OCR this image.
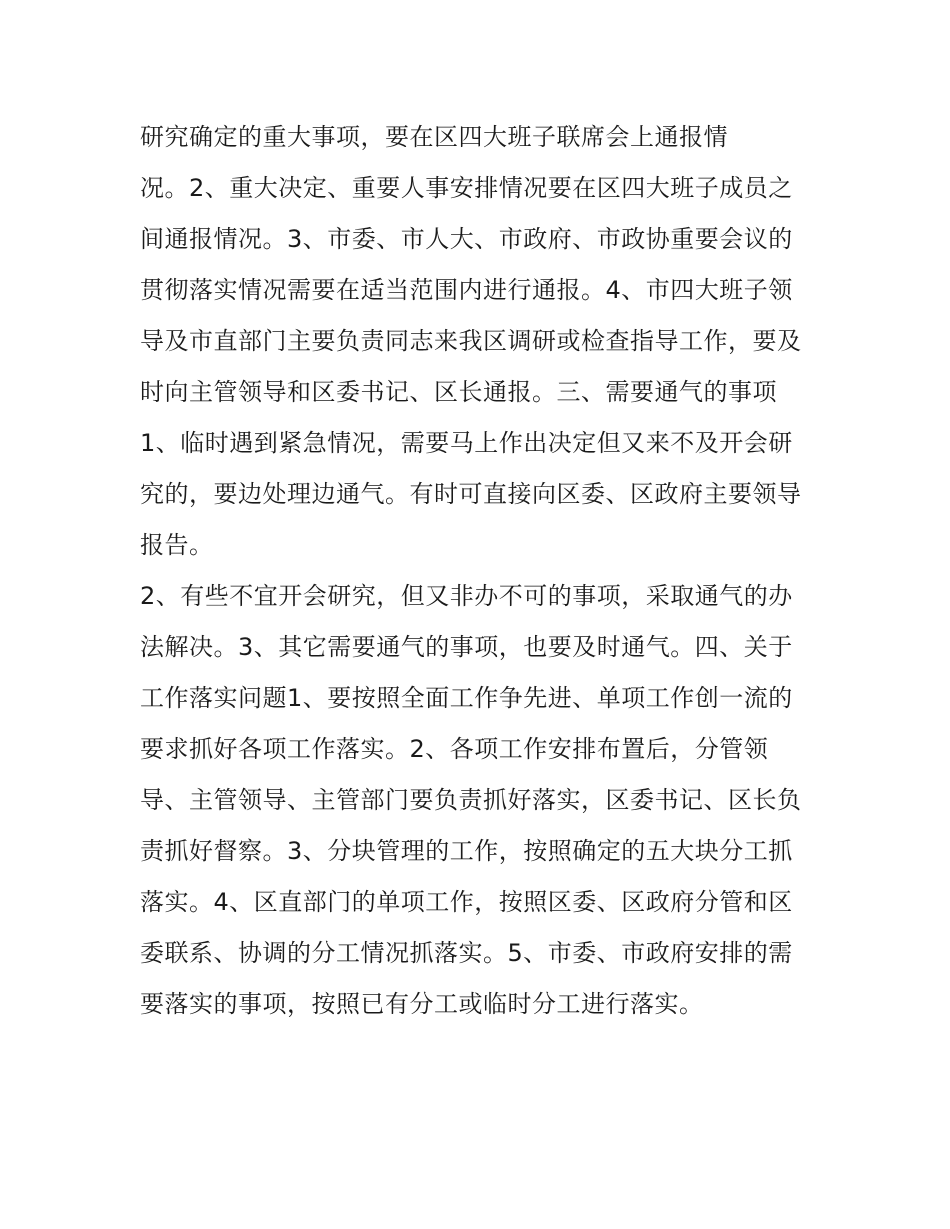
研究确定的重大事项，要在区四大班子联席会上通报情
况。2、重大决定、重要人事安排情况要在区四大班子成员之
间通报情况。3、市委、市人大、市政府、市政协重要会议的
贯彻落实情况需要在适当范围内进行通报。4、市四大班子领
导及市直部门主要负责同志来我区调研或检查指导工作，要及
时向主管领导和区委书记、区长通报。三、需要通气的事项
1、临时遇到紧急情况，需要马上作出决定但又来不及开会研
究的，要边处理边通气。有时可直接向区委、区政府主要领导
报告。
2、有些不宜开会研究，但又非办不可的事项，采取通气的办
法解决。3、其它需要通气的事项，也要及时通气。四、关于
工作落实问题1、要按照全面工作争先进、单项工作创一流的
要求抓好各项工作落实。2、各项工作安排布置后，分管领
导、主管领导、主管部门要负责抓好落实，区委书记、区长负
责抓好督察。3、分块管理的工作，按照确定的五大块分工抓
落实。4、区直部门的单项工作，按照区委、区政府分管和区
委联系、协调的分工情况抓落实。5、市委、市政府安排的需
要落实的事项，按照已有分工或临时分工进行落实。
